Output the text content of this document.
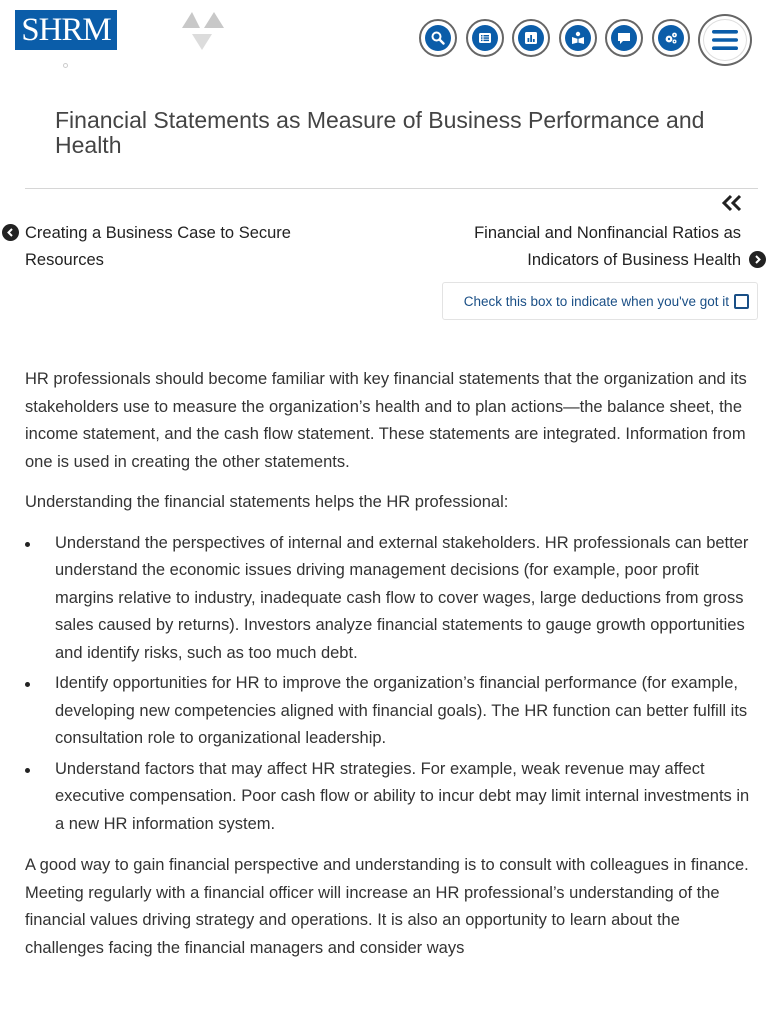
SHRM
Financial Statements as Measure of Business Performance and Health
Creating a Business Case to Secure Resources
Financial and Nonfinancial Ratios as Indicators of Business Health
Check this box to indicate when you've got it

HR professionals should become familiar with key financial statements that the organization and its stakeholders use to measure the organization’s health and to plan actions—the balance sheet, the income statement, and the cash flow statement. These statements are integrated. Information from one is used in creating the other statements.

Understanding the financial statements helps the HR professional:

Understand the perspectives of internal and external stakeholders. HR professionals can better understand the economic issues driving management decisions (for example, poor profit margins relative to industry, inadequate cash flow to cover wages, large deductions from gross sales caused by returns). Investors analyze financial statements to gauge growth opportunities and identify risks, such as too much debt.
Identify opportunities for HR to improve the organization’s financial performance (for example, developing new competencies aligned with financial goals). The HR function can better fulfill its consultation role to organizational leadership.
Understand factors that may affect HR strategies. For example, weak revenue may affect executive compensation. Poor cash flow or ability to incur debt may limit internal investments in a new HR information system.

A good way to gain financial perspective and understanding is to consult with colleagues in finance. Meeting regularly with a financial officer will increase an HR professional’s understanding of the financial values driving strategy and operations. It is also an opportunity to learn about the challenges facing the financial managers and consider ways
